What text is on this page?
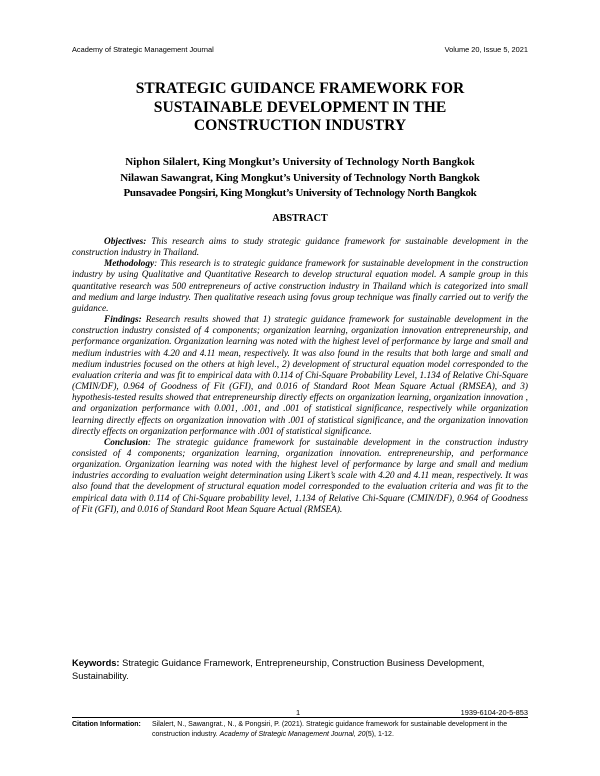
Academy of Strategic Management Journal	Volume 20, Issue 5, 2021
STRATEGIC GUIDANCE FRAMEWORK FOR
SUSTAINABLE DEVELOPMENT IN THE
CONSTRUCTION INDUSTRY
Niphon Silalert, King Mongkut’s University of Technology North Bangkok
Nilawan Sawangrat, King Mongkut’s University of Technology North Bangkok
Punsavadee Pongsiri, King Mongkut’s University of Technology North Bangkok
ABSTRACT

Objectives: This research aims to study strategic guidance framework for sustainable development in the construction industry in Thailand.

Methodology: This research is to strategic guidance framework for sustainable development in the construction industry by using Qualitative and Quantitative Research to develop structural equation model. A sample group in this quantitative research was 500 entrepreneurs of active construction industry in Thailand which is categorized into small and medium and large industry. Then qualitative reseach using fovus group technique was finally carried out to verify the guidance.

Findings: Research results showed that 1) strategic guidance framework for sustainable development in the construction industry consisted of 4 components; organization learning, organization innovation entrepreneurship, and performance organization. Organization learning was noted with the highest level of performance by large and small and medium industries with 4.20 and 4.11 mean, respectively. It was also found in the results that both large and small and medium industries focused on the others at high level., 2) development of structural equation model corresponded to the evaluation criteria and was fit to empirical data with 0.114 of Chi-Square Probability Level, 1.134 of Relative Chi-Square (CMIN/DF), 0.964 of Goodness of Fit (GFI), and 0.016 of Standard Root Mean Square Actual (RMSEA), and 3) hypothesis-tested results showed that entrepreneurship directly effects on organization learning, organization innovation , and organization performance with 0.001, .001, and .001 of statistical significance, respectively while organization learning directly effects on organization innovation with .001 of statistical significance, and the organization innovation directly effects on organization performance with .001 of statistical significance.

Conclusion: The strategic guidance framework for sustainable development in the construction industry consisted of 4 components; organization learning, organization innovation. entrepreneurship, and performance organization. Organization learning was noted with the highest level of performance by large and small and medium industries according to evaluation weight determination using Likert’s scale with 4.20 and 4.11 mean, respectively. It was also found that the development of structural equation model corresponded to the evaluation criteria and was fit to the empirical data with 0.114 of Chi-Square probability level, 1.134 of Relative Chi-Square (CMIN/DF), 0.964 of Goodness of Fit (GFI), and 0.016 of Standard Root Mean Square Actual (RMSEA).

Keywords: Strategic Guidance Framework, Entrepreneurship, Construction Business Development, Sustainability.
1	1939-6104-20-5-853
Citation Information: Silalert, N., Sawangrat., N., & Pongsiri, P. (2021). Strategic guidance framework for sustainable development in the construction industry. Academy of Strategic Management Journal, 20(5), 1-12.
